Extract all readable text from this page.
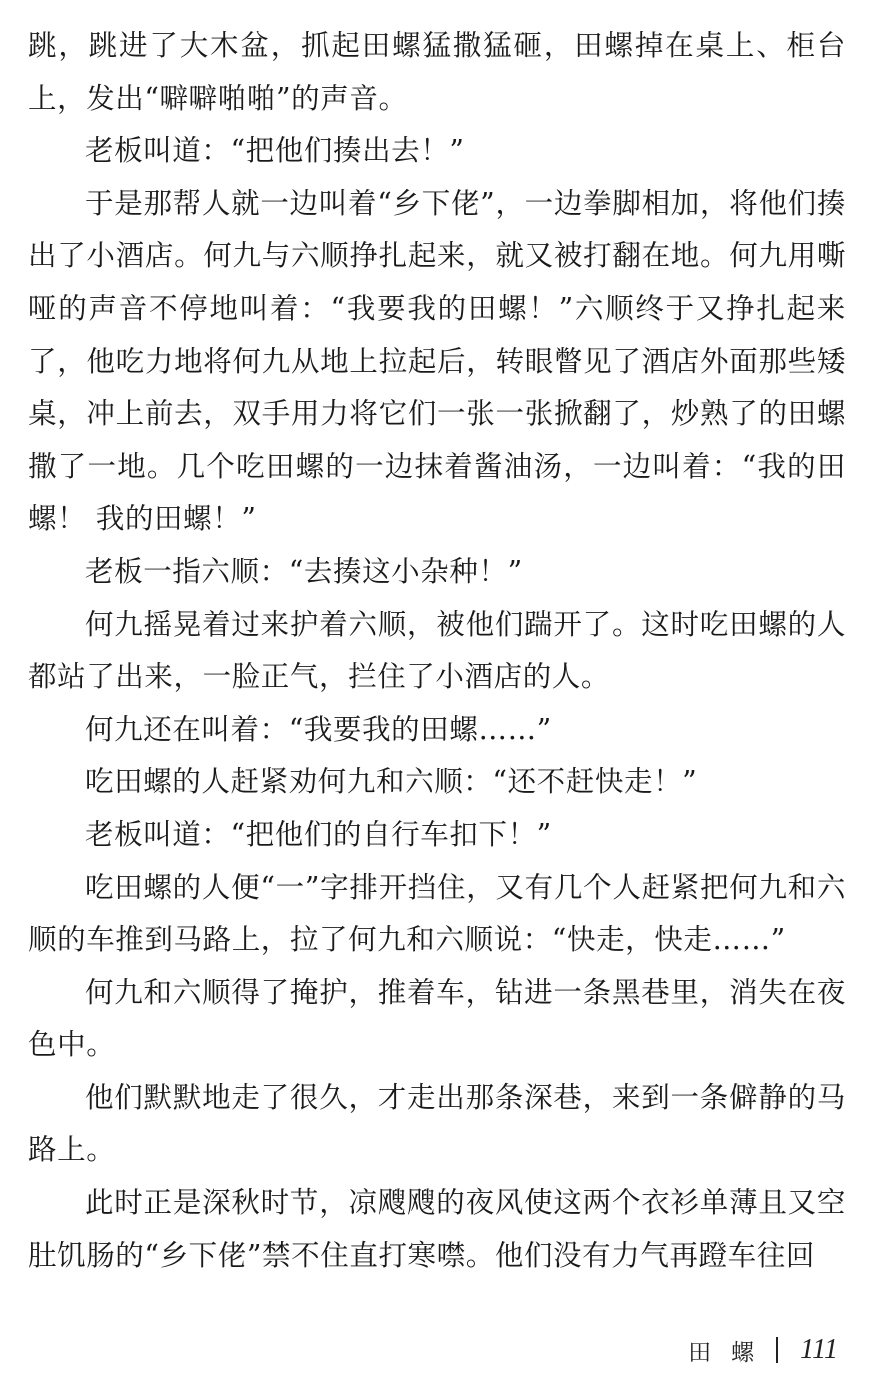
跳，跳进了大木盆，抓起田螺猛撒猛砸，田螺掉在桌上、柜台上，发出“噼噼啪啪”的声音。

老板叫道：“把他们揍出去！”

于是那帮人就一边叫着“乡下佬”，一边拳脚相加，将他们揍出了小酒店。何九与六顺挣扎起来，就又被打翻在地。何九用嘶哑的声音不停地叫着：“我要我的田螺！”六顺终于又挣扎起来了，他吃力地将何九从地上拉起后，转眼瞥见了酒店外面那些矮桌，冲上前去，双手用力将它们一张一张掀翻了，炒熟了的田螺撒了一地。几个吃田螺的一边抹着酱油汤，一边叫着：“我的田螺！ 我的田螺！”

老板一指六顺：“去揍这小杂种！”

何九摇晃着过来护着六顺，被他们踹开了。这时吃田螺的人都站了出来，一脸正气，拦住了小酒店的人。

何九还在叫着：“我要我的田螺……”

吃田螺的人赶紧劝何九和六顺：“还不赶快走！”

老板叫道：“把他们的自行车扣下！”

吃田螺的人便“一”字排开挡住，又有几个人赶紧把何九和六顺的车推到马路上，拉了何九和六顺说：“快走，快走……”

何九和六顺得了掩护，推着车，钻进一条黑巷里，消失在夜色中。

他们默默地走了很久，才走出那条深巷，来到一条僻静的马路上。

此时正是深秋时节，凉飕飕的夜风使这两个衣衫单薄且又空肚饥肠的“乡下佬”禁不住直打寒噤。他们没有力气再蹬车往回

田螺 111
